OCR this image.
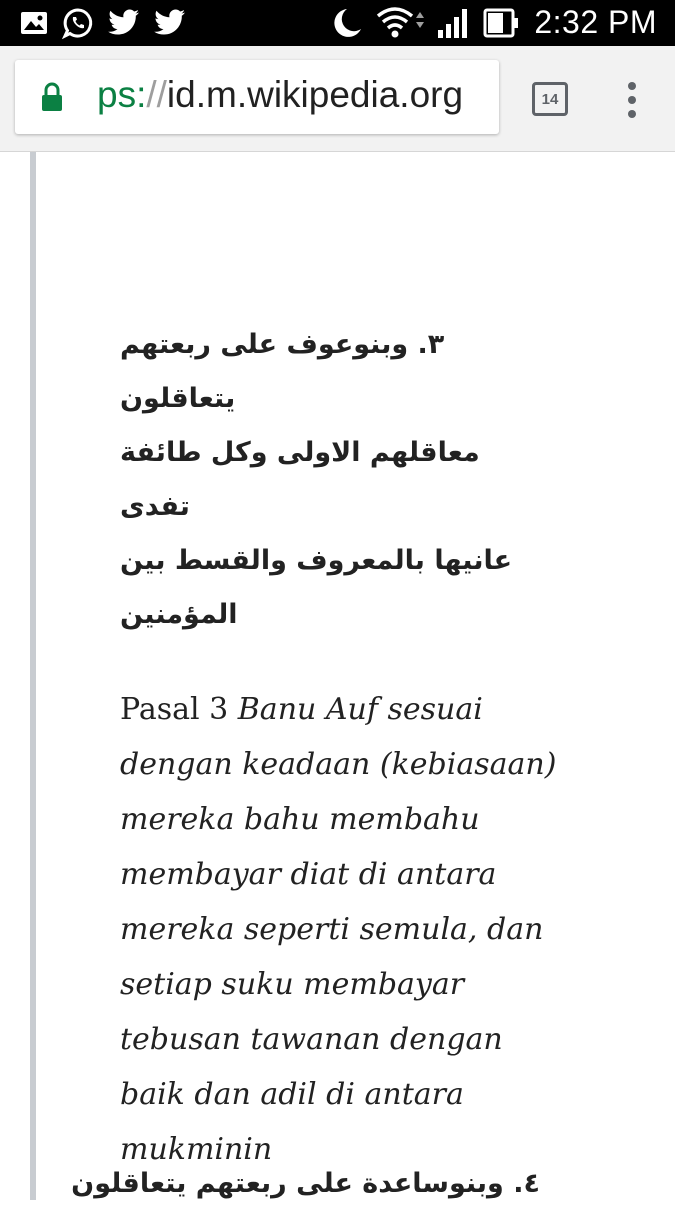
2:32 PM
ps://id.m.wikipedia.org	14
٣. وبنوعوف على ربعتهم يتعاقلون
معاقلهم الاولى وكل طائفة تفدى
عانيها بالمعروف والقسط بين
المؤمنين
Pasal 3 Banu Auf sesuai
dengan keadaan (kebiasaan)
mereka bahu membahu
membayar diat di antara
mereka seperti semula, dan
setiap suku membayar
tebusan tawanan dengan
baik dan adil di antara
mukminin
٤. وبنوساعدة على ربعتهم يتعاقلون
